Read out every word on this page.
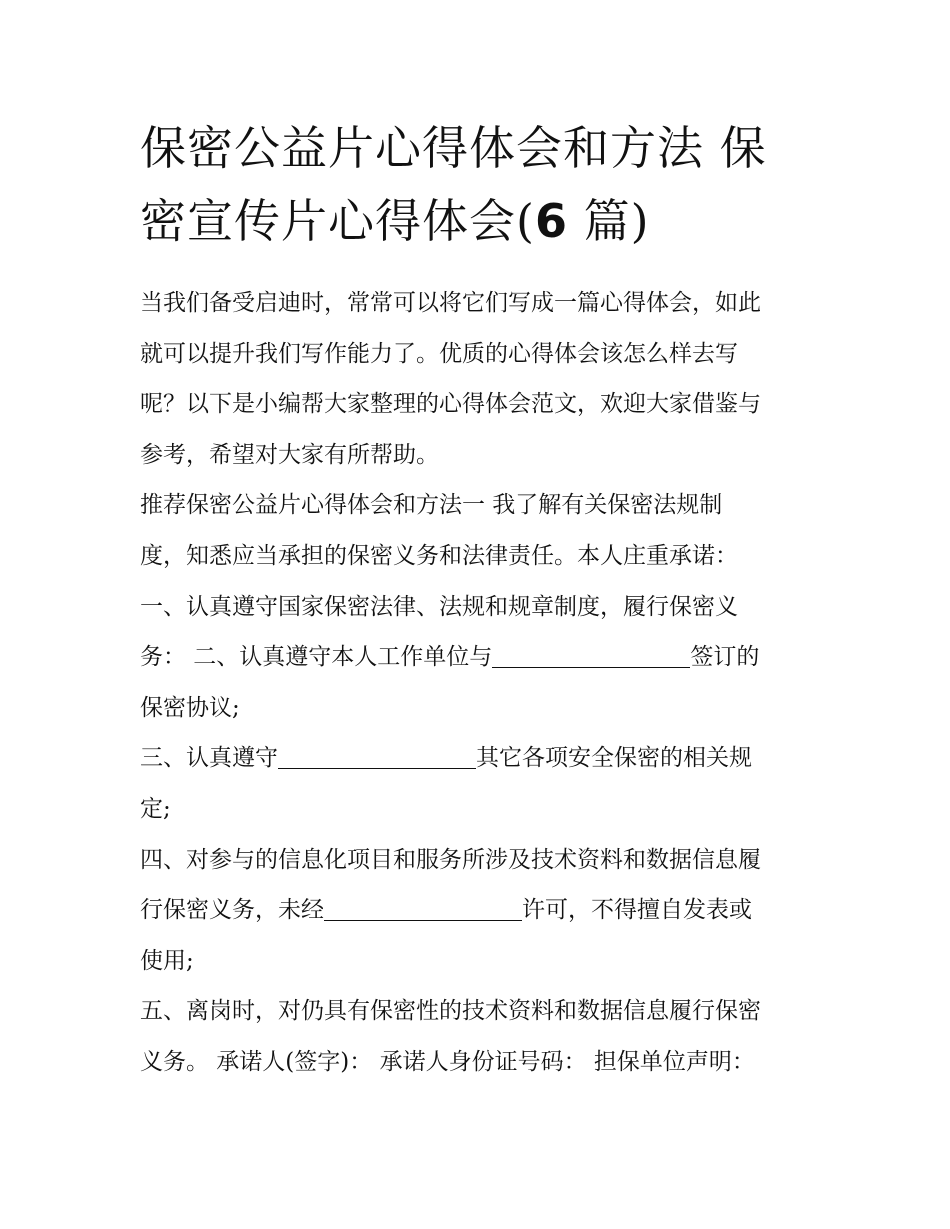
保密公益片心得体会和方法 保
密宣传片心得体会(6 篇)

当我们备受启迪时，常常可以将它们写成一篇心得体会，如此
就可以提升我们写作能力了。优质的心得体会该怎么样去写
呢？以下是小编帮大家整理的心得体会范文，欢迎大家借鉴与
参考，希望对大家有所帮助。

推荐保密公益片心得体会和方法一 我了解有关保密法规制
度，知悉应当承担的保密义务和法律责任。本人庄重承诺：
一、认真遵守国家保密法律、法规和规章制度，履行保密义
务： 二、认真遵守本人工作单位与	签订的
保密协议;

三、认真遵守	其它各项安全保密的相关规
定;

四、对参与的信息化项目和服务所涉及技术资料和数据信息履
行保密义务，未经	许可，不得擅自发表或
使用;

五、离岗时，对仍具有保密性的技术资料和数据信息履行保密
义务。 承诺人(签字)： 承诺人身份证号码： 担保单位声明：
